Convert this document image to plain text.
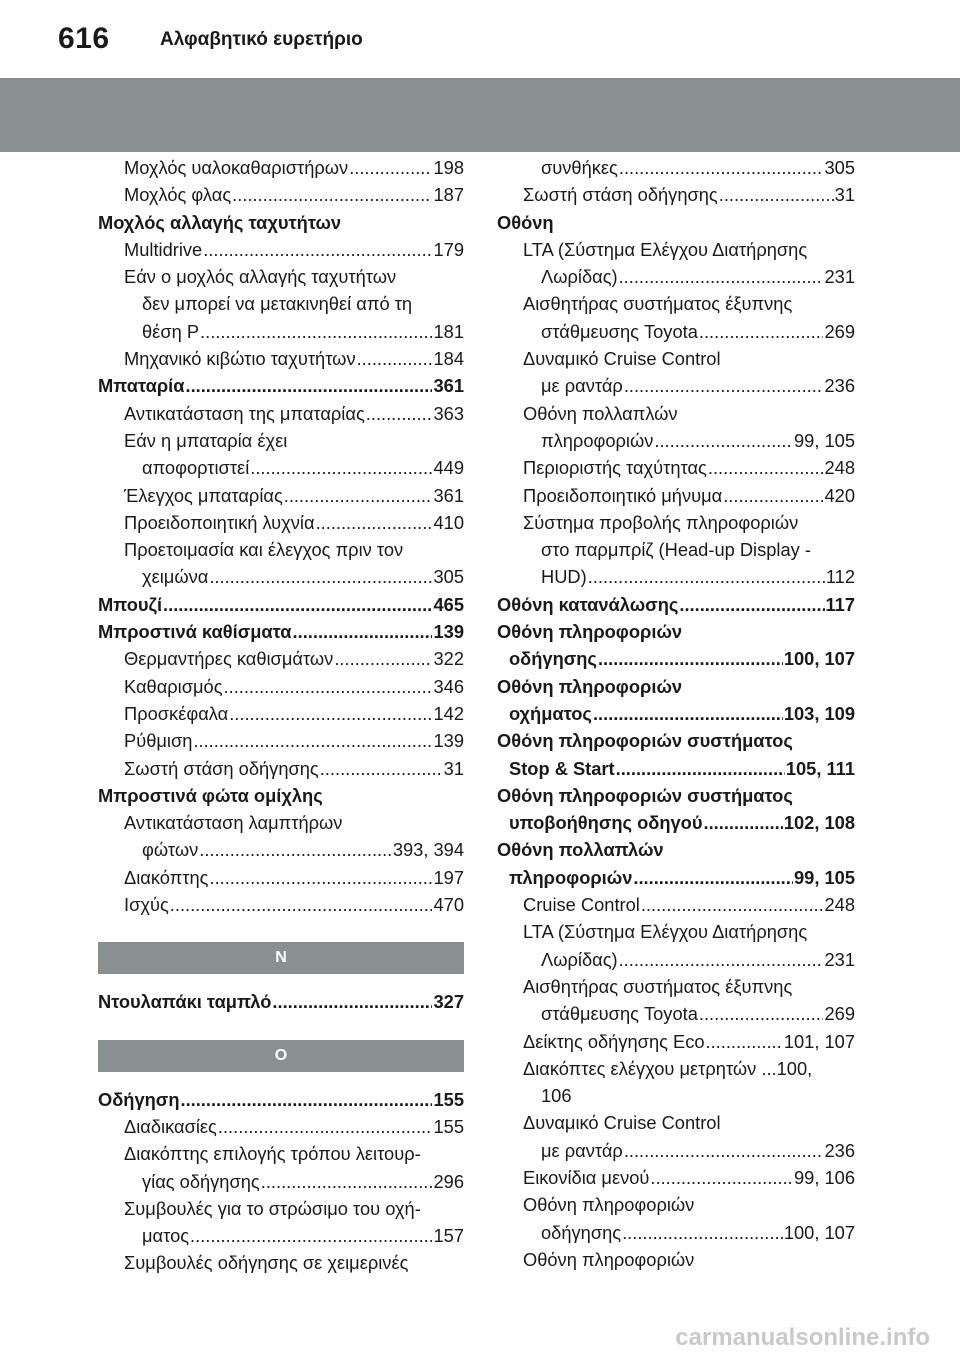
616	Αλφαβητικό ευρετήριο
Μοχλός υαλοκαθαριστήρων .....	198
Μοχλός φλας .....	187
Μοχλός αλλαγής ταχυτήτων
Multidrive .....	179
Εάν ο μοχλός αλλαγής ταχυτήτων
δεν μπορεί να μετακινηθεί από τη
θέση P .....	181
Μηχανικό κιβώτιο ταχυτήτων .....	184
Μπαταρία .....	361
Αντικατάσταση της μπαταρίας .....	363
Εάν η μπαταρία έχει
αποφορτιστεί .....	449
Έλεγχος μπαταρίας .....	361
Προειδοποιητική λυχνία .....	410
Προετοιμασία και έλεγχος πριν τον
χειμώνα .....	305
Μπουζί .....	465
Μπροστινά καθίσματα .....	139
Θερμαντήρες καθισμάτων .....	322
Καθαρισμός .....	346
Προσκέφαλα .....	142
Ρύθμιση .....	139
Σωστή στάση οδήγησης .....	31
Μπροστινά φώτα ομίχλης
Αντικατάσταση λαμπτήρων
φώτων .....	393, 394
Διακόπτης .....	197
Ισχύς .....	470
N
Ντουλαπάκι ταμπλό .....	327
O
Οδήγηση .....	155
Διαδικασίες .....	155
Διακόπτης επιλογής τρόπου λειτουρ-
γίας οδήγησης .....	296
Συμβουλές για το στρώσιμο του οχή-
ματος .....	157
Συμβουλές οδήγησης σε χειμερινές
συνθήκες .....	305
Σωστή στάση οδήγησης .....	31
Οθόνη
LTA (Σύστημα Ελέγχου Διατήρησης
Λωρίδας) .....	231
Αισθητήρας συστήματος έξυπνης
στάθμευσης Toyota .....	269
Δυναμικό Cruise Control
με ραντάρ .....	236
Οθόνη πολλαπλών
πληροφοριών .....	99, 105
Περιοριστής ταχύτητας .....	248
Προειδοποιητικό μήνυμα .....	420
Σύστημα προβολής πληροφοριών
στο παρμπρίζ (Head-up Display -
HUD) .....	112
Οθόνη κατανάλωσης .....	117
Οθόνη πληροφοριών
οδήγησης .....	100, 107
Οθόνη πληροφοριών
οχήματος .....	103, 109
Οθόνη πληροφοριών συστήματος
Stop & Start .....	105, 111
Οθόνη πληροφοριών συστήματος
υποβοήθησης οδηγού .....	102, 108
Οθόνη πολλαπλών
πληροφοριών .....	99, 105
Cruise Control .....	248
LTA (Σύστημα Ελέγχου Διατήρησης
Λωρίδας) .....	231
Αισθητήρας συστήματος έξυπνης
στάθμευσης Toyota .....	269
Δείκτης οδήγησης Eco .....	101, 107
Διακόπτες ελέγχου μετρητών ...100,
106
Δυναμικό Cruise Control
με ραντάρ .....	236
Εικονίδια μενού .....	99, 106
Οθόνη πληροφοριών
οδήγησης .....	100, 107
Οθόνη πληροφοριών
carmanualsonline.info
